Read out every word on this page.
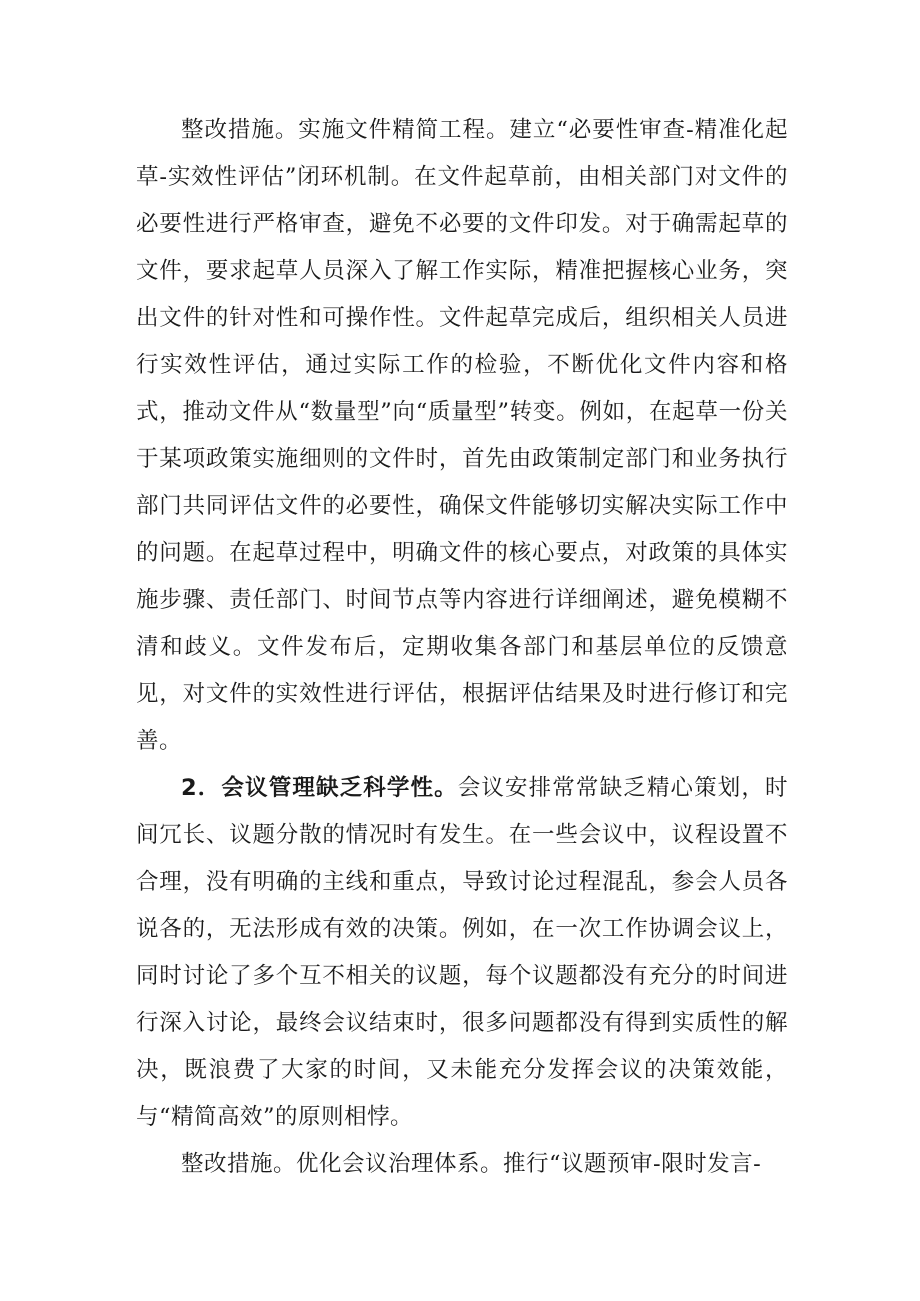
整改措施。实施文件精简工程。建立“必要性审查-精准化起草-实效性评估”闭环机制。在文件起草前，由相关部门对文件的必要性进行严格审查，避免不必要的文件印发。对于确需起草的文件，要求起草人员深入了解工作实际，精准把握核心业务，突出文件的针对性和可操作性。文件起草完成后，组织相关人员进行实效性评估，通过实际工作的检验，不断优化文件内容和格式，推动文件从“数量型”向“质量型”转变。例如，在起草一份关于某项政策实施细则的文件时，首先由政策制定部门和业务执行部门共同评估文件的必要性，确保文件能够切实解决实际工作中的问题。在起草过程中，明确文件的核心要点，对政策的具体实施步骤、责任部门、时间节点等内容进行详细阐述，避免模糊不清和歧义。文件发布后，定期收集各部门和基层单位的反馈意见，对文件的实效性进行评估，根据评估结果及时进行修订和完善。

2．会议管理缺乏科学性。会议安排常常缺乏精心策划，时间冗长、议题分散的情况时有发生。在一些会议中，议程设置不合理，没有明确的主线和重点，导致讨论过程混乱，参会人员各说各的，无法形成有效的决策。例如，在一次工作协调会议上，同时讨论了多个互不相关的议题，每个议题都没有充分的时间进行深入讨论，最终会议结束时，很多问题都没有得到实质性的解决，既浪费了大家的时间，又未能充分发挥会议的决策效能，与“精简高效”的原则相悖。

整改措施。优化会议治理体系。推行“议题预审-限时发言-
